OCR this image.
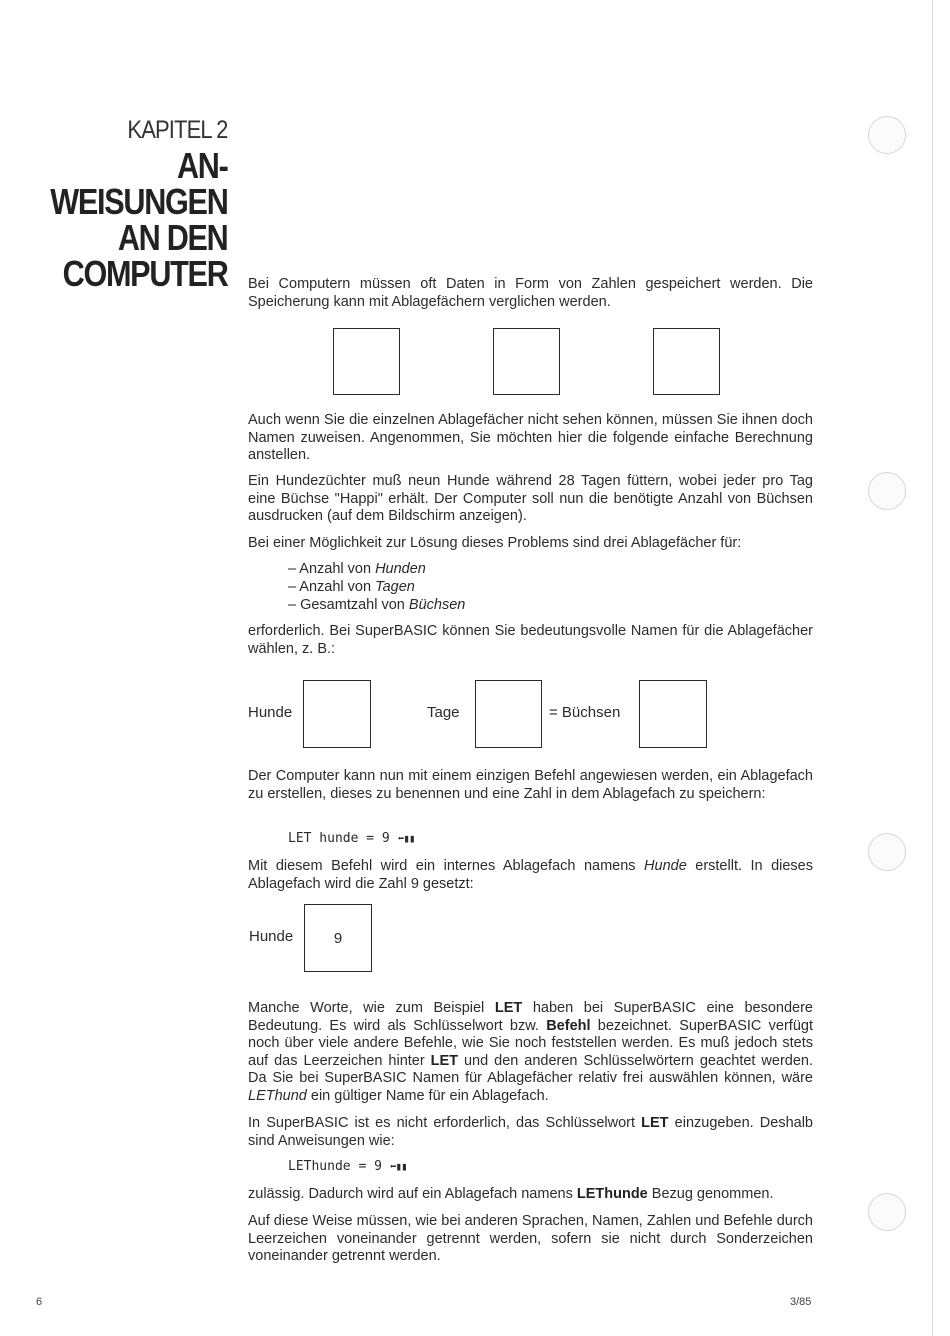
KAPITEL 2
AN-
WEISUNGEN
AN DEN
COMPUTER Bei Computern müssen oft Daten in Form von Zahlen gespeichert werden. Die Speicherung kann mit Ablagefächern verglichen werden.

Auch wenn Sie die einzelnen Ablagefächer nicht sehen können, müssen Sie ihnen doch Namen zuweisen. Angenommen, Sie möchten hier die folgende einfache Berechnung anstellen.

Ein Hundezüchter muß neun Hunde während 28 Tagen füttern, wobei jeder pro Tag eine Büchse "Happi" erhält. Der Computer soll nun die benötigte Anzahl von Büchsen ausdrucken (auf dem Bildschirm anzeigen).

Bei einer Möglichkeit zur Lösung dieses Problems sind drei Ablagefächer für:

– Anzahl von Hunden
– Anzahl von Tagen
– Gesamtzahl von Büchsen

erforderlich. Bei SuperBASIC können Sie bedeutungsvolle Namen für die Ablagefächer wählen, z. B.:

Hunde	Tage	= Büchsen

Der Computer kann nun mit einem einzigen Befehl angewiesen werden, ein Ablagefach zu erstellen, dieses zu benennen und eine Zahl in dem Ablagefach zu speichern:

LET hunde = 9 ⬅▮▮

Mit diesem Befehl wird ein internes Ablagefach namens Hunde erstellt. In dieses Ablagefach wird die Zahl 9 gesetzt:

Hunde	9

Manche Worte, wie zum Beispiel LET haben bei SuperBASIC eine besondere Bedeutung. Es wird als Schlüsselwort bzw. Befehl bezeichnet. SuperBASIC verfügt noch über viele andere Befehle, wie Sie noch feststellen werden. Es muß jedoch stets auf das Leerzeichen hinter LET und den anderen Schlüsselwörtern geachtet werden. Da Sie bei SuperBASIC Namen für Ablagefächer relativ frei auswählen können, wäre LEThund ein gültiger Name für ein Ablagefach.

In SuperBASIC ist es nicht erforderlich, das Schlüsselwort LET einzugeben. Deshalb sind Anweisungen wie:

LEThunde = 9 ⬅▮▮

zulässig. Dadurch wird auf ein Ablagefach namens LEThunde Bezug genommen.

Auf diese Weise müssen, wie bei anderen Sprachen, Namen, Zahlen und Befehle durch Leerzeichen voneinander getrennt werden, sofern sie nicht durch Sonderzeichen voneinander getrennt werden.

6	3/85
